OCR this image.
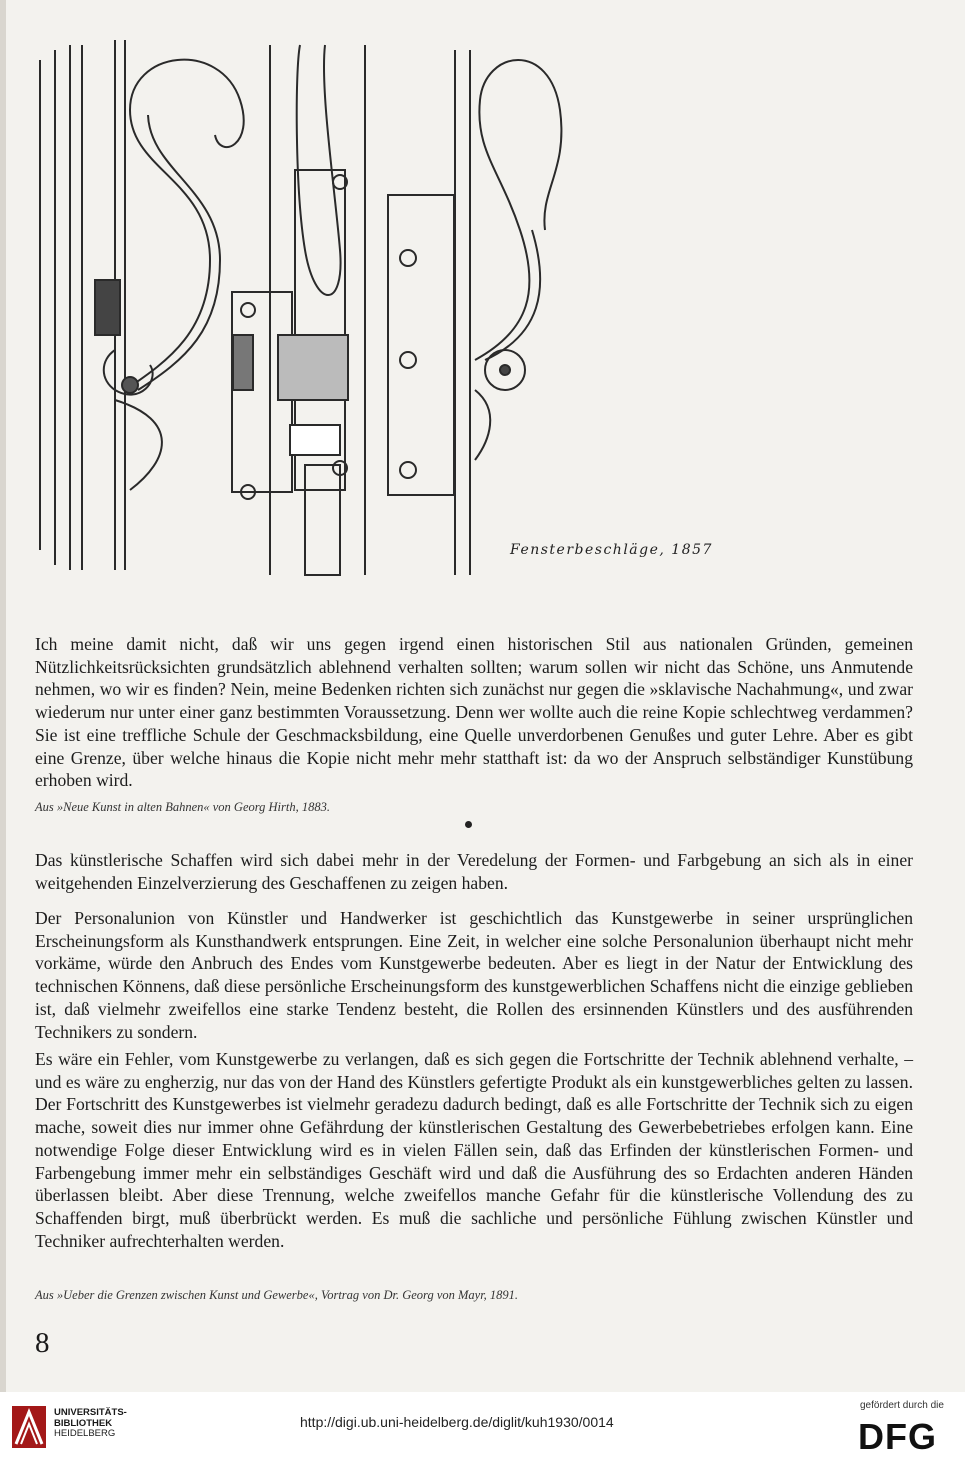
Fensterbeschläge, 1857

Ich meine damit nicht, daß wir uns gegen irgend einen historischen Stil aus nationalen Gründen, gemeinen Nützlichkeitsrücksichten grundsätzlich ablehnend verhalten sollten; warum sollen wir nicht das Schöne, uns Anmutende nehmen, wo wir es finden? Nein, meine Bedenken richten sich zunächst nur gegen die »sklavische Nachahmung«, und zwar wiederum nur unter einer ganz bestimmten Voraussetzung. Denn wer wollte auch die reine Kopie schlechtweg verdammen? Sie ist eine treffliche Schule der Geschmacksbildung, eine Quelle unverdorbenen Genußes und guter Lehre. Aber es gibt eine Grenze, über welche hinaus die Kopie nicht mehr mehr statthaft ist: da wo der Anspruch selbständiger Kunstübung erhoben wird.

Aus »Neue Kunst in alten Bahnen« von Georg Hirth, 1883.

Das künstlerische Schaffen wird sich dabei mehr in der Veredelung der Formen- und Farbgebung an sich als in einer weitgehenden Einzelverzierung des Geschaffenen zu zeigen haben.

Der Personalunion von Künstler und Handwerker ist geschichtlich das Kunstgewerbe in seiner ursprünglichen Erscheinungsform als Kunsthandwerk entsprungen. Eine Zeit, in welcher eine solche Personalunion überhaupt nicht mehr vorkäme, würde den Anbruch des Endes vom Kunstgewerbe bedeuten. Aber es liegt in der Natur der Entwicklung des technischen Könnens, daß diese persönliche Erscheinungsform des kunstgewerblichen Schaffens nicht die einzige geblieben ist, daß vielmehr zweifellos eine starke Tendenz besteht, die Rollen des ersinnenden Künstlers und des ausführenden Technikers zu sondern.

Es wäre ein Fehler, vom Kunstgewerbe zu verlangen, daß es sich gegen die Fortschritte der Technik ablehnend verhalte, – und es wäre zu engherzig, nur das von der Hand des Künstlers gefertigte Produkt als ein kunstgewerbliches gelten zu lassen. Der Fortschritt des Kunstgewerbes ist vielmehr geradezu dadurch bedingt, daß es alle Fortschritte der Technik sich zu eigen mache, soweit dies nur immer ohne Gefährdung der künstlerischen Gestaltung des Gewerbebetriebes erfolgen kann. Eine notwendige Folge dieser Entwicklung wird es in vielen Fällen sein, daß das Erfinden der künstlerischen Formen- und Farbengebung immer mehr ein selbständiges Geschäft wird und daß die Ausführung des so Erdachten anderen Händen überlassen bleibt. Aber diese Trennung, welche zweifellos manche Gefahr für die künstlerische Vollendung des zu Schaffenden birgt, muß überbrückt werden. Es muß die sachliche und persönliche Fühlung zwischen Künstler und Techniker aufrechterhalten werden.

Aus »Ueber die Grenzen zwischen Kunst und Gewerbe«, Vortrag von Dr. Georg von Mayr, 1891.
8
UNIVERSITÄTS-
BIBLIOTHEK
HEIDELBERG
http://digi.ub.uni-heidelberg.de/diglit/kuh1930/0014
gefördert durch die
DFG
